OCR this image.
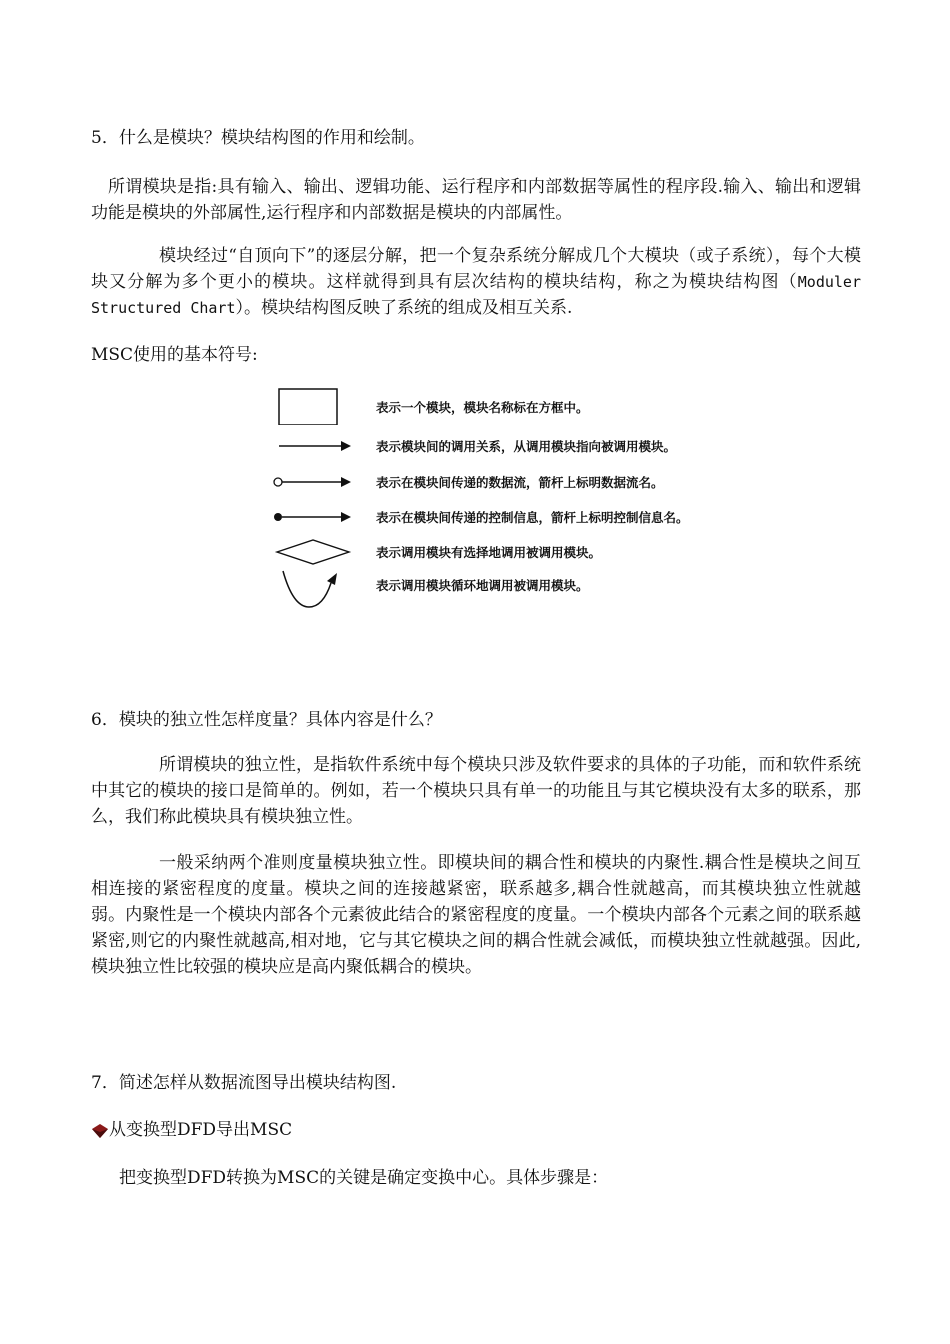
5．什么是模块？模块结构图的作用和绘制。

所谓模块是指:具有输入、输出、逻辑功能、运行程序和内部数据等属性的程序段.输入、输出和逻辑功能是模块的外部属性,运行程序和内部数据是模块的内部属性。

模块经过“自顶向下”的逐层分解，把一个复杂系统分解成几个大模块（或子系统），每个大模块又分解为多个更小的模块。这样就得到具有层次结构的模块结构，称之为模块结构图（Moduler Structured Chart）。模块结构图反映了系统的组成及相互关系.

MSC使用的基本符号:
表示一个模块，模块名称标在方框中。
表示模块间的调用关系，从调用模块指向被调用模块。
表示在模块间传递的数据流，箭杆上标明数据流名。
表示在模块间传递的控制信息，箭杆上标明控制信息名。
表示调用模块有选择地调用被调用模块。
表示调用模块循环地调用被调用模块。
6．模块的独立性怎样度量？具体内容是什么？

所谓模块的独立性，是指软件系统中每个模块只涉及软件要求的具体的子功能，而和软件系统中其它的模块的接口是简单的。例如，若一个模块只具有单一的功能且与其它模块没有太多的联系，那么，我们称此模块具有模块独立性。

一般采纳两个准则度量模块独立性。即模块间的耦合性和模块的内聚性.耦合性是模块之间互相连接的紧密程度的度量。模块之间的连接越紧密，联系越多,耦合性就越高，而其模块独立性就越弱。内聚性是一个模块内部各个元素彼此结合的紧密程度的度量。一个模块内部各个元素之间的联系越紧密,则它的内聚性就越高,相对地，它与其它模块之间的耦合性就会减低，而模块独立性就越强。因此,模块独立性比较强的模块应是高内聚低耦合的模块。

7．简述怎样从数据流图导出模块结构图.
从变换型DFD导出MSC

把变换型DFD转换为MSC的关键是确定变换中心。具体步骤是：
